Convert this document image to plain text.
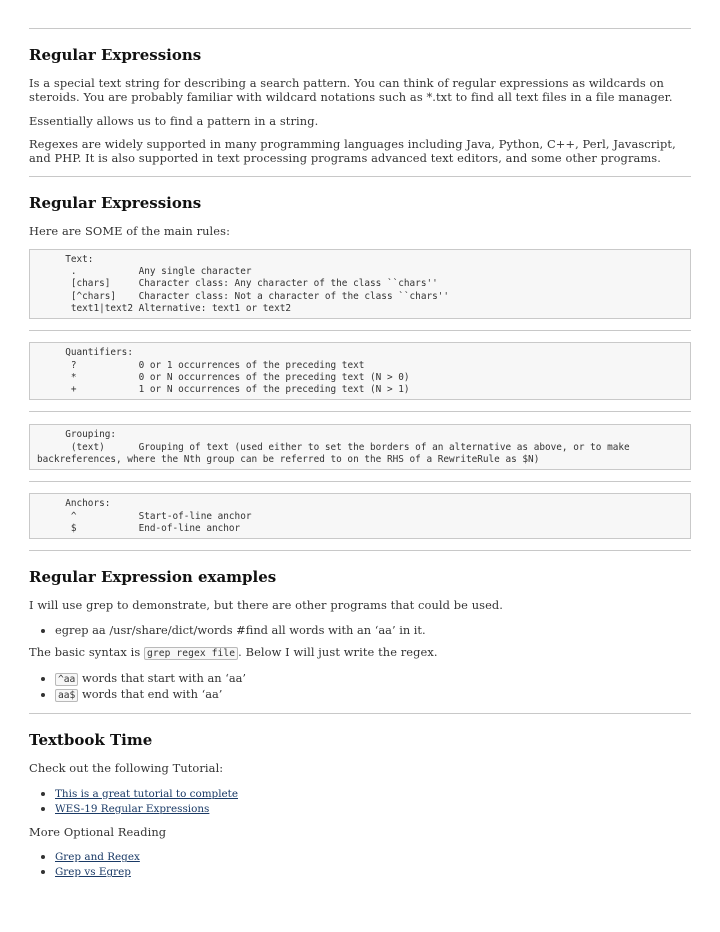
Regular Expressions

Is a special text string for describing a search pattern. You can think of regular expressions as wildcards on steroids. You are probably familiar with wildcard notations such as *.txt to find all text files in a file manager.

Essentially allows us to find a pattern in a string.

Regexes are widely supported in many programming languages including Java, Python, C++, Perl, Javascript, and PHP. It is also supported in text processing programs advanced text editors, and some other programs.

Regular Expressions

Here are SOME of the main rules:

Text:
.           Any single character
[chars]     Character class: Any character of the class ``chars''
[^chars]    Character class: Not a character of the class ``chars''
text1|text2 Alternative: text1 or text2
Quantifiers:
?           0 or 1 occurrences of the preceding text
*           0 or N occurrences of the preceding text (N > 0)
+           1 or N occurrences of the preceding text (N > 1)
Grouping:
(text)      Grouping of text (used either to set the borders of an alternative as above, or to make backreferences, where the Nth group can be referred to on the RHS of a RewriteRule as $N)
Anchors:
^           Start-of-line anchor
$           End-of-line anchor
Regular Expression examples

I will use grep to demonstrate, but there are other programs that could be used.

• egrep aa /usr/share/dict/words #find all words with an ‘aa’ in it.

The basic syntax is grep regex file . Below I will just write the regex.

• ^aa words that start with an ‘aa’
• aa$ words that end with ‘aa’
Textbook Time

Check out the following Tutorial:

• This is a great tutorial to complete
• WES-19 Regular Expressions

More Optional Reading

• Grep and Regex
• Grep vs Egrep
